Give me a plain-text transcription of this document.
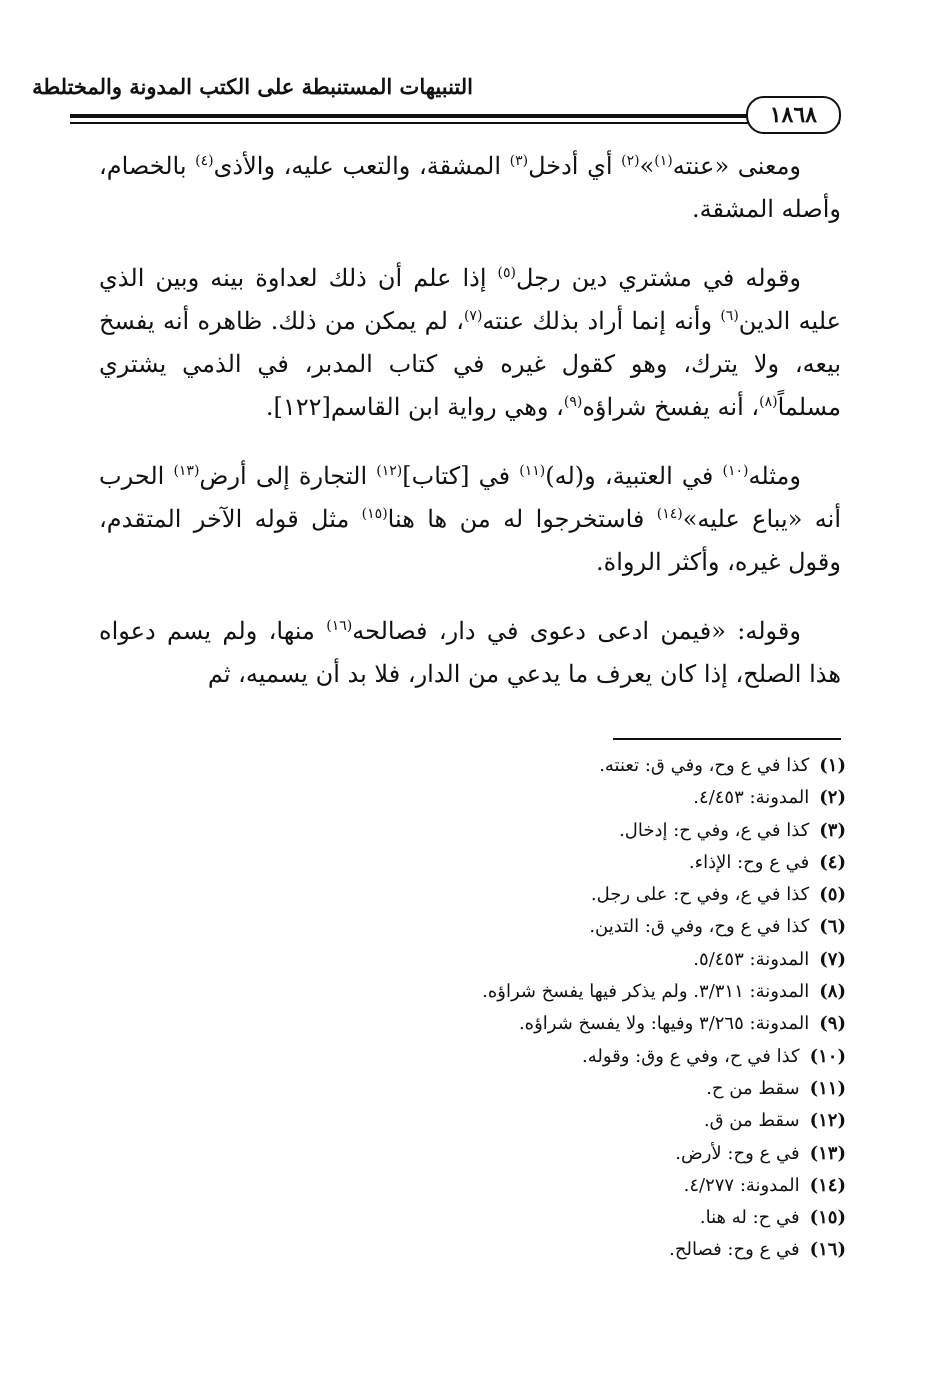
التنبيهات المستنبطة على الكتب المدونة والمختلطة
١٨٦٨

ومعنى «عنته$^{(١)}$»$^{(٢)}$ أي أدخل$^{(٣)}$ المشقة، والتعب عليه، والأذى$^{(٤)}$ بالخصام، وأصله المشقة.

وقوله في مشتري دين رجل$^{(٥)}$ إذا علم أن ذلك لعداوة بينه وبين الذي عليه الدين$^{(٦)}$ وأنه إنما أراد بذلك عنته$^{(٧)}$، لم يمكن من ذلك. ظاهره أنه يفسخ بيعه، ولا يترك، وهو كقول غيره في كتاب المدبر، في الذمي يشتري مسلماً$^{(٨)}$، أنه يفسخ شراؤه$^{(٩)}$، وهي رواية ابن القاسم[١٢٢].

ومثله$^{(١٠)}$ في العتبية، و(له)$^{(١١)}$ في [كتاب]$^{(١٢)}$ التجارة إلى أرض$^{(١٣)}$ الحرب أنه «يباع عليه»$^{(١٤)}$ فاستخرجوا له من ها هنا$^{(١٥)}$ مثل قوله الآخر المتقدم، وقول غيره، وأكثر الرواة.

وقوله: «فيمن ادعى دعوى في دار، فصالحه$^{(١٦)}$ منها، ولم يسم دعواه هذا الصلح، إذا كان يعرف ما يدعي من الدار، فلا بد أن يسميه، ثم

(١)كذا في ع وح، وفي ق: تعنته.
(٢)المدونة: ٤/٤٥٣.
(٣)كذا في ع، وفي ح: إدخال.
(٤)في ع وح: الإذاء.
(٥)كذا في ع، وفي ح: على رجل.
(٦)كذا في ع وح، وفي ق: التدين.
(٧)المدونة: ٥/٤٥٣.
(٨)المدونة: ٣/٣١١. ولم يذكر فيها يفسخ شراؤه.
(٩)المدونة: ٣/٢٦٥ وفيها: ولا يفسخ شراؤه.
(١٠)كذا في ح، وفي ع وق: وقوله.
(١١)سقط من ح.
(١٢)سقط من ق.
(١٣)في ع وح: لأرض.
(١٤)المدونة: ٤/٢٧٧.
(١٥)في ح: له هنا.
(١٦)في ع وح: فصالح.
